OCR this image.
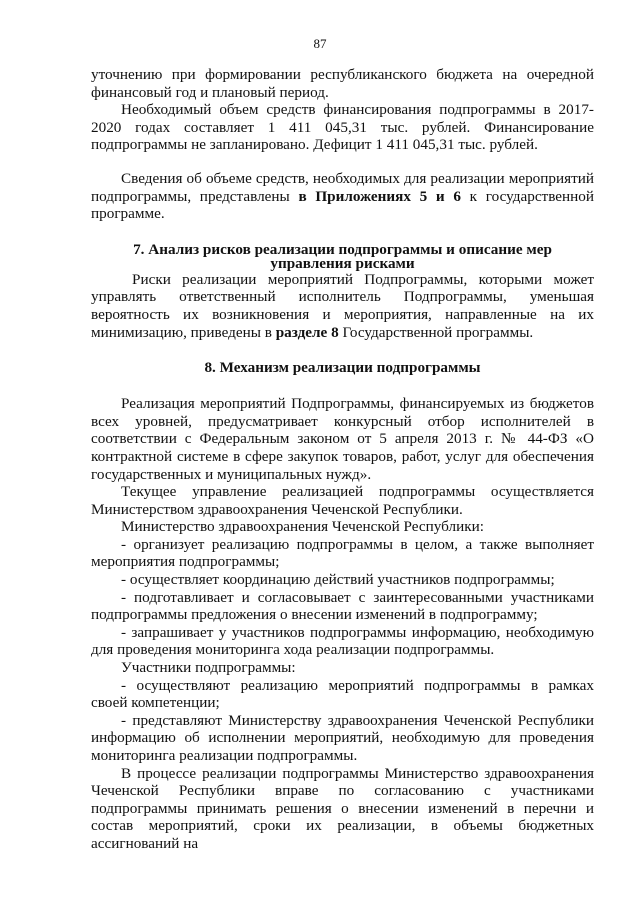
87

уточнению при формировании республиканского бюджета на очередной финансовый год и плановый период.

Необходимый объем средств финансирования подпрограммы в 2017-2020 годах составляет 1 411 045,31 тыс. рублей. Финансирование подпрограммы не запланировано. Дефицит 1 411 045,31 тыс. рублей.

Сведения об объеме средств, необходимых для реализации мероприятий подпрограммы, представлены в Приложениях 5 и 6 к государственной программе.

7. Анализ рисков реализации подпрограммы и описание мер управления рисками

Риски реализации мероприятий Подпрограммы, которыми может управлять ответственный исполнитель Подпрограммы, уменьшая вероятность их возникновения и мероприятия, направленные на их минимизацию, приведены в разделе 8 Государственной программы.

8. Механизм реализации подпрограммы

Реализация мероприятий Подпрограммы, финансируемых из бюджетов всех уровней, предусматривает конкурсный отбор исполнителей в соответствии с Федеральным законом от 5 апреля 2013 г. № 44-ФЗ «О контрактной системе в сфере закупок товаров, работ, услуг для обеспечения государственных и муниципальных нужд».

Текущее управление реализацией подпрограммы осуществляется Министерством здравоохранения Чеченской Республики.

Министерство здравоохранения Чеченской Республики:

- организует реализацию подпрограммы в целом, а также выполняет мероприятия подпрограммы;

- осуществляет координацию действий участников подпрограммы;

- подготавливает и согласовывает с заинтересованными участниками подпрограммы предложения о внесении изменений в подпрограмму;

- запрашивает у участников подпрограммы информацию, необходимую для проведения мониторинга хода реализации подпрограммы.

Участники подпрограммы:

- осуществляют реализацию мероприятий подпрограммы в рамках своей компетенции;

- представляют Министерству здравоохранения Чеченской Республики информацию об исполнении мероприятий, необходимую для проведения мониторинга реализации подпрограммы.

В процессе реализации подпрограммы Министерство здравоохранения Чеченской Республики вправе по согласованию с участниками подпрограммы принимать решения о внесении изменений в перечни и состав мероприятий, сроки их реализации, в объемы бюджетных ассигнований на
